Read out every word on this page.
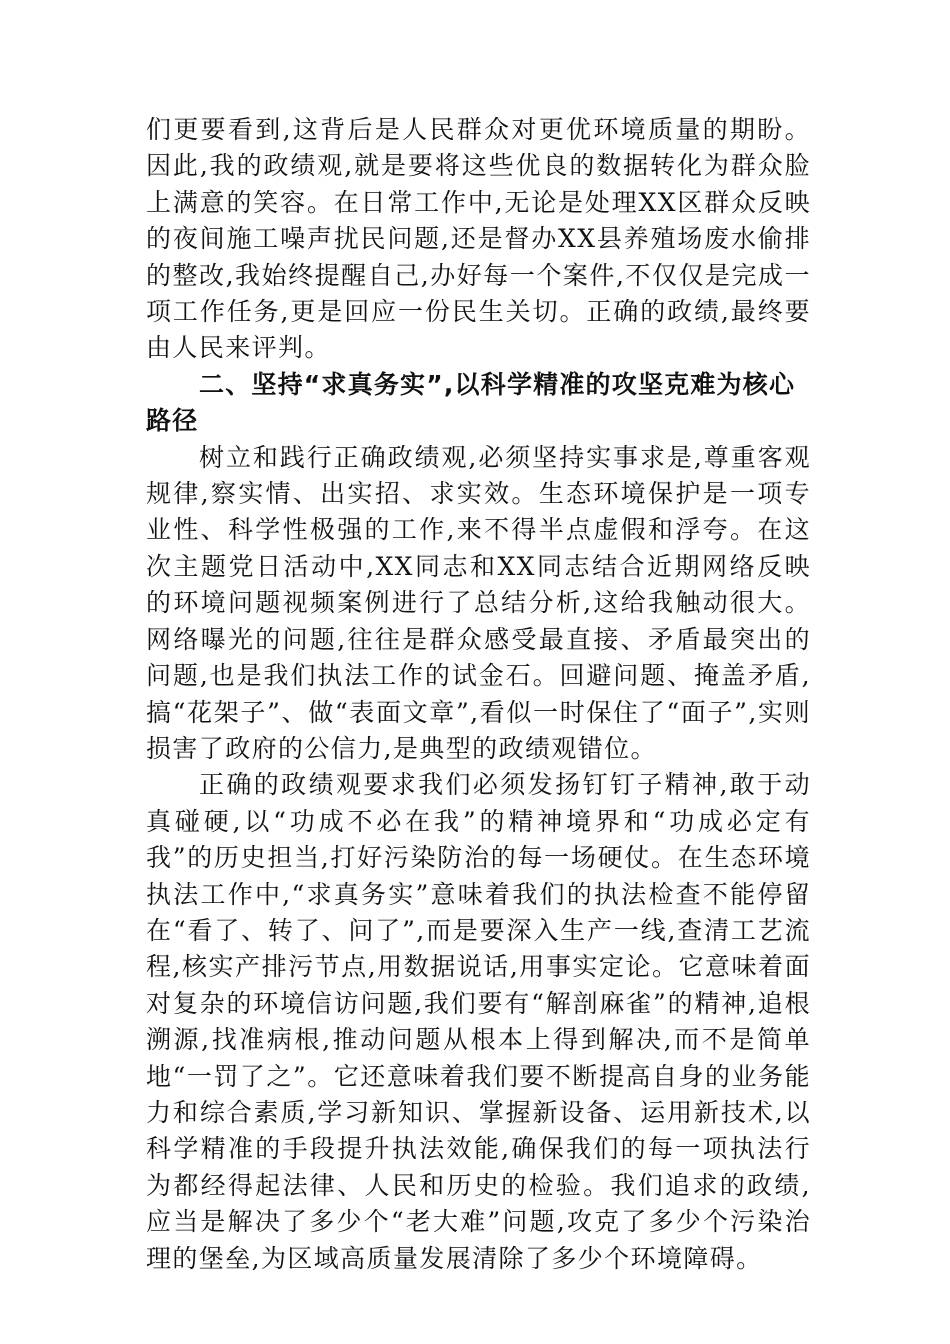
们更要看到,这背后是人民群众对更优环境质量的期盼。因此,我的政绩观,就是要将这些优良的数据转化为群众脸上满意的笑容。在日常工作中,无论是处理XX区群众反映的夜间施工噪声扰民问题,还是督办XX县养殖场废水偷排的整改,我始终提醒自己,办好每一个案件,不仅仅是完成一项工作任务,更是回应一份民生关切。正确的政绩,最终要由人民来评判。

二、坚持“求真务实”,以科学精准的攻坚克难为核心
路径

树立和践行正确政绩观,必须坚持实事求是,尊重客观规律,察实情、出实招、求实效。生态环境保护是一项专业性、科学性极强的工作,来不得半点虚假和浮夸。在这次主题党日活动中,XX同志和XX同志结合近期网络反映的环境问题视频案例进行了总结分析,这给我触动很大。网络曝光的问题,往往是群众感受最直接、矛盾最突出的问题,也是我们执法工作的试金石。回避问题、掩盖矛盾,搞“花架子”、做“表面文章”,看似一时保住了“面子”,实则损害了政府的公信力,是典型的政绩观错位。

正确的政绩观要求我们必须发扬钉钉子精神,敢于动真碰硬,以“功成不必在我”的精神境界和“功成必定有我”的历史担当,打好污染防治的每一场硬仗。在生态环境执法工作中,“求真务实”意味着我们的执法检查不能停留在“看了、转了、问了”,而是要深入生产一线,查清工艺流程,核实产排污节点,用数据说话,用事实定论。它意味着面对复杂的环境信访问题,我们要有“解剖麻雀”的精神,追根溯源,找准病根,推动问题从根本上得到解决,而不是简单地“一罚了之”。它还意味着我们要不断提高自身的业务能力和综合素质,学习新知识、掌握新设备、运用新技术,以科学精准的手段提升执法效能,确保我们的每一项执法行为都经得起法律、人民和历史的检验。我们追求的政绩,应当是解决了多少个“老大难”问题,攻克了多少个污染治理的堡垒,为区域高质量发展清除了多少个环境障碍。
